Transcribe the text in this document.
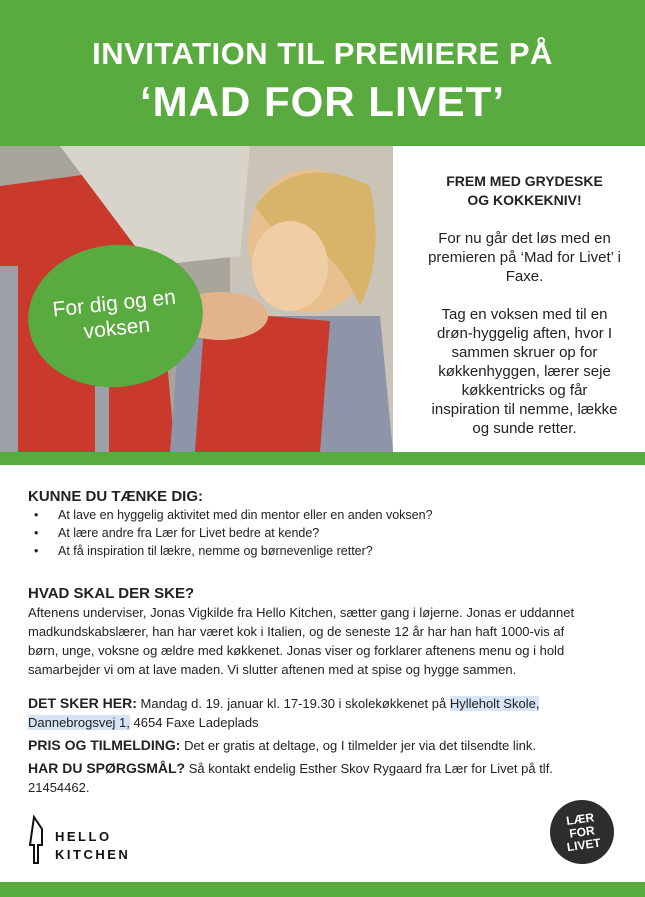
INVITATION TIL PREMIERE PÅ
‘MAD FOR LIVET’
For dig og en
voksen

FREM MED GRYDESKE
OG KOKKEKNIV!

For nu går det løs med en premieren på ‘Mad for Livet’ i Faxe.

Tag en voksen med til en drøn-hyggelig aften, hvor I sammen skruer op for køkkenhyggen, lærer seje køkkentricks og får inspiration til nemme, lække og sunde retter.

KUNNE DU TÆNKE DIG:
• At lave en hyggelig aktivitet med din mentor eller en anden voksen?
• At lære andre fra Lær for Livet bedre at kende?
• At få inspiration til lækre, nemme og børnevenlige retter?
HVAD SKAL DER SKE?
Aftenens underviser, Jonas Vigkilde fra Hello Kitchen, sætter gang i løjerne. Jonas er uddannet
madkundskabslærer, han har været kok i Italien, og de seneste 12 år har han haft 1000-vis af
børn, unge, voksne og ældre med køkkenet. Jonas viser og forklarer aftenens menu og i hold
samarbejder vi om at lave maden. Vi slutter aftenen med at spise og hygge sammen.
DET SKER HER: Mandag d. 19. januar kl. 17-19.30 i skolekøkkenet på Hylleholt Skole,
Dannebrogsvej 1, 4654 Faxe Ladeplads
PRIS OG TILMELDING: Det er gratis at deltage, og I tilmelder jer via det tilsendte link.
HAR DU SPØRGSMÅL? Så kontakt endelig Esther Skov Rygaard fra Lær for Livet på tlf.
21454462.
HELLO
KITCHEN
LÆR
FOR
LIVET
